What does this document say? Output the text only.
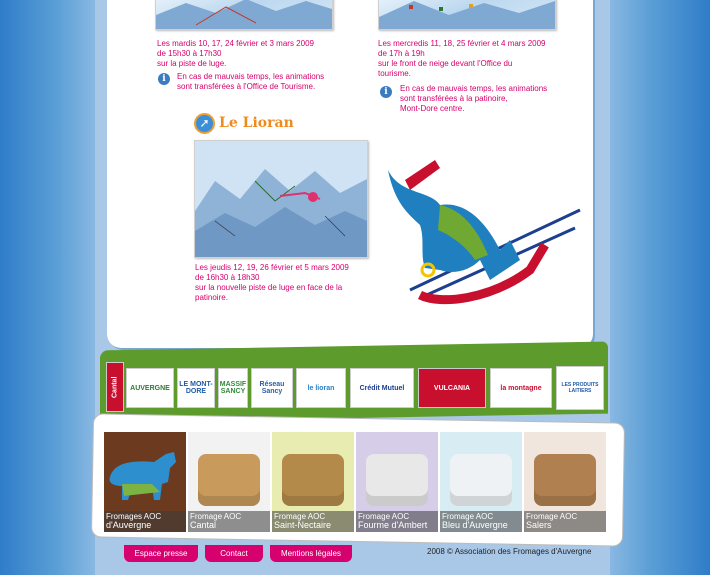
Les mardis 10, 17, 24 février et 3 mars 2009

de 15h30 à 17h30

sur la piste de luge.

i	En cas de mauvais temps, les animations

sont transférées à l'Office de Tourisme.

Les mercredis 11, 18, 25 février et 4 mars 2009

de 17h à 19h

sur le front de neige devant l'Office du

tourisme.

i	En cas de mauvais temps, les animations

sont transférées à la patinoire,

Mont-Dore centre.

➚ Le Lioran

Les jeudis 12, 19, 26 février et 5 mars 2009

de 16h30 à 18h30

sur la nouvelle piste de luge en face de la

patinoire.

Cantal	AUVERGNE	LE MONT-DORE
MASSIF SANCY
Réseau Sancy	le lioran	Crédit Mutuel	VULCANIA	la montagne	LES PRODUITS LAITIERS
Fromages AOC
d'Auvergne
Fromage AOC
Cantal
Fromage AOC
Saint-Nectaire
Fromage AOC
Fourme d'Ambert
Fromage AOC
Bleu d'Auvergne
Fromage AOC
Salers
Espace presse	Contact	Mentions légales	2008 © Association des Fromages d'Auvergne
